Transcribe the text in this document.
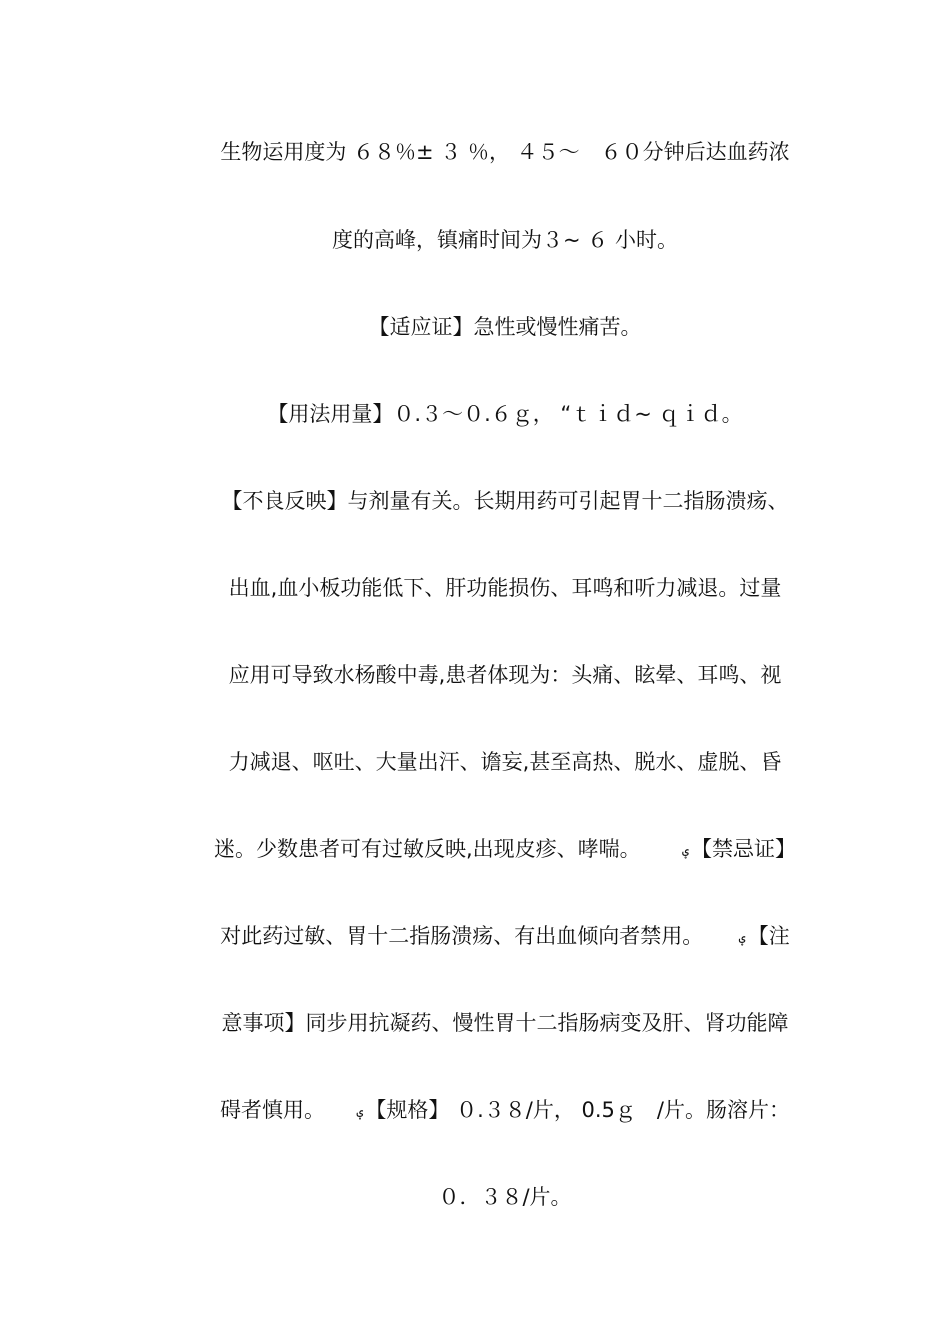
生物运用度为 ６８％± ３ ％， ４５～　６０分钟后达血药浓
度的高峰，镇痛时间为３~ ６ 小时。
【适应证】急性或慢性痛苦。
【用法用量】０.３～０.６ｇ， “ｔｉｄ~ ｑｉｄ。
【不良反映】与剂量有关。长期用药可引起胃十二指肠溃疡、
出血,血小板功能低下、肝功能损伤、耳鸣和听力减退。过量
应用可导致水杨酸中毒,患者体现为：头痛、眩晕、耳鸣、视
力减退、呕吐、大量出汗、谵妄,甚至高热、脱水、虚脱、昏
迷。少数患者可有过敏反映,出现皮疹、哮喘。	ؠ【禁忌证】
对此药过敏、胃十二指肠溃疡、有出血倾向者禁用。	ؠ【注
意事项】同步用抗凝药、慢性胃十二指肠病变及肝、肾功能障
碍者慎用。	ؠ【规格】 ０.３８/片， 0.5ｇ　/片。肠溶片：
０．３８/片。
